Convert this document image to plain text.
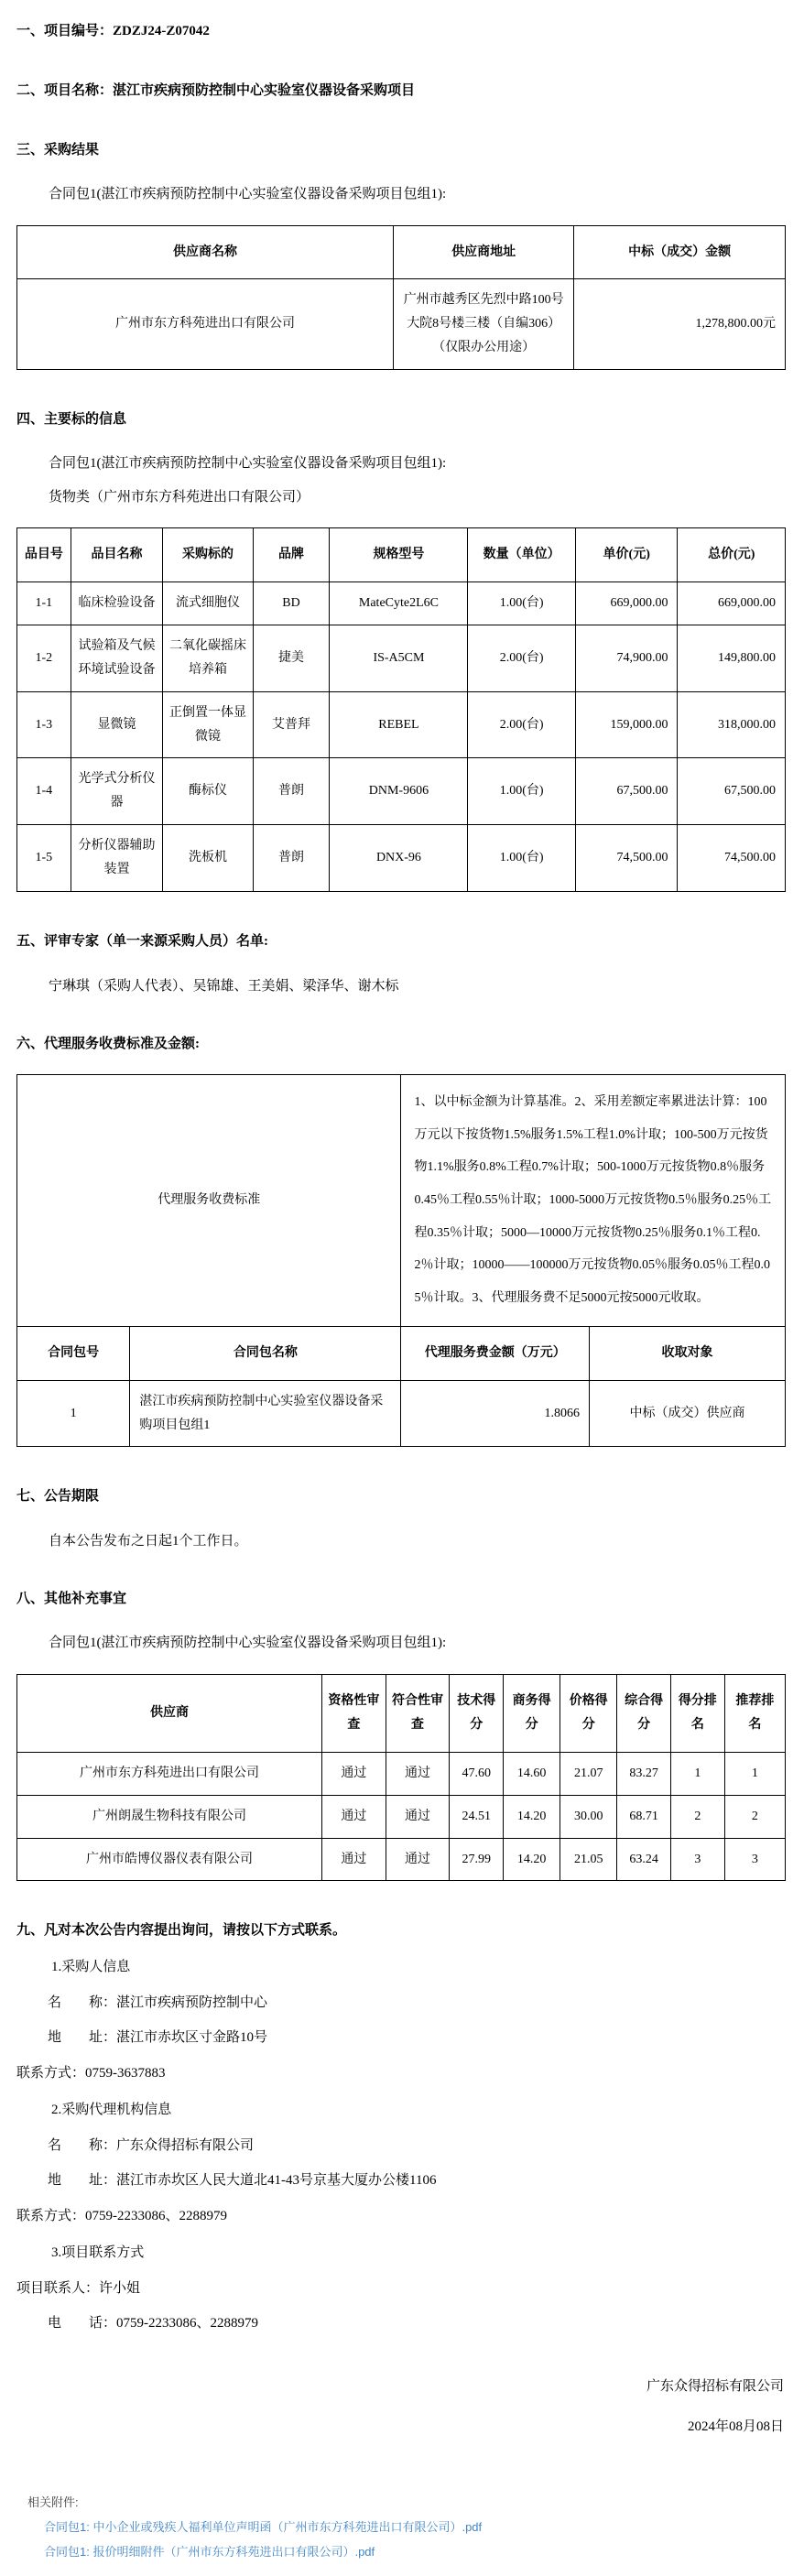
一、项目编号：ZDZJ24-Z07042
二、项目名称：湛江市疾病预防控制中心实验室仪器设备采购项目
三、采购结果
合同包1(湛江市疾病预防控制中心实验室仪器设备采购项目包组1):
供应商名称	供应商地址	中标（成交）金额
广州市东方科苑进出口有限公司	广州市越秀区先烈中路100号大院8号楼三楼（自编306）（仅限办公用途）	1,278,800.00元
四、主要标的信息
合同包1(湛江市疾病预防控制中心实验室仪器设备采购项目包组1):
货物类（广州市东方科苑进出口有限公司）
品目号	品目名称	采购标的	品牌	规格型号	数量（单位）	单价(元)	总价(元)
1-1	临床检验设备	流式细胞仪	BD	MateCyte2L6C	1.00(台)	669,000.00	669,000.00
1-2	试验箱及气候环境试验设备	二氧化碳摇床培养箱	捷美	IS-A5CM	2.00(台)	74,900.00	149,800.00
1-3	显微镜	正倒置一体显微镜	艾普拜	REBEL	2.00(台)	159,000.00	318,000.00
1-4	光学式分析仪器	酶标仪	普朗	DNM-9606	1.00(台)	67,500.00	67,500.00
1-5	分析仪器辅助装置	洗板机	普朗	DNX-96	1.00(台)	74,500.00	74,500.00
五、评审专家（单一来源采购人员）名单:
宁琳琪（采购人代表）、吴锦雄、王美娟、梁泽华、谢木标
六、代理服务收费标准及金额:
代理服务收费标准		1、以中标金额为计算基准。2、采用差额定率累进法计算：100万元以下按货物1.5%服务1.5%工程1.0%计取；100-500万元按货物1.1%服务0.8%工程0.7%计取；500-1000万元按货物0.8％服务0.45％工程0.55％计取；1000-5000万元按货物0.5％服务0.25％工程0.35％计取；5000—10000万元按货物0.25％服务0.1％工程0.2％计取；10000——100000万元按货物0.05％服务0.05％工程0.05％计取。3、代理服务费不足5000元按5000元收取。	
合同包号	合同包名称	代理服务费金额（万元）	收取对象
1	湛江市疾病预防控制中心实验室仪器设备采购项目包组1	1.8066	中标（成交）供应商
七、公告期限
自本公告发布之日起1个工作日。
八、其他补充事宜
合同包1(湛江市疾病预防控制中心实验室仪器设备采购项目包组1):
供应商	资格性审查	符合性审查	技术得分	商务得分	价格得分	综合得分	得分排名	推荐排名
广州市东方科苑进出口有限公司	通过	通过	47.60	14.60	21.07	83.27	1	1
广州朗晟生物科技有限公司	通过	通过	24.51	14.20	30.00	68.71	2	2
广州市皓博仪器仪表有限公司	通过	通过	27.99	14.20	21.05	63.24	3	3
九、凡对本次公告内容提出询问，请按以下方式联系。
1.采购人信息
名　　称：湛江市疾病预防控制中心
地　　址：湛江市赤坎区寸金路10号
联系方式：0759-3637883
2.采购代理机构信息
名　　称：广东众得招标有限公司
地　　址：湛江市赤坎区人民大道北41-43号京基大厦办公楼1106
联系方式：0759-2233086、2288979
3.项目联系方式
项目联系人：许小姐
电　　话：0759-2233086、2288979
广东众得招标有限公司
2024年08月08日
相关附件:
合同包1: 中小企业或残疾人福利单位声明函（广州市东方科苑进出口有限公司）.pdf
合同包1: 报价明细附件（广州市东方科苑进出口有限公司）.pdf
